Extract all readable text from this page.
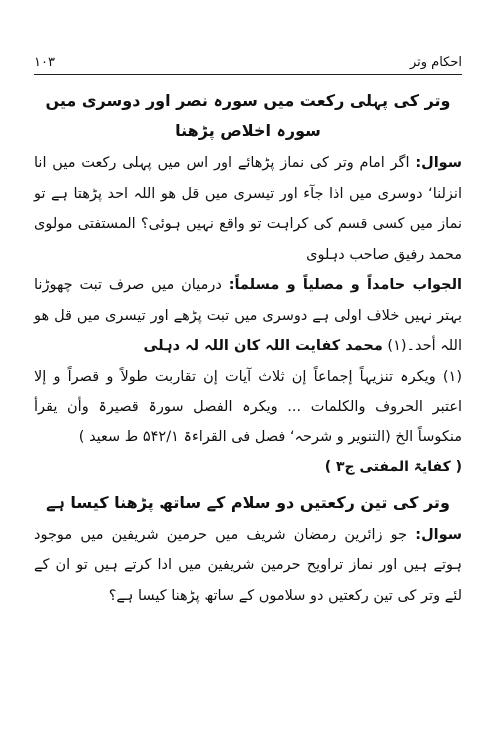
۱۰۳	احکام وتر
وتر کی پہلی رکعت میں سورہ نصر اور دوسری میں سورہ اخلاص پڑھنا

سوال: اگر امام وتر کی نماز پڑھائے اور اس میں پہلی رکعت میں انا انزلنا‘ دوسری میں اذا جآء اور تیسری میں قل ھو اللہ احد پڑھتا ہے تو نماز میں کسی قسم کی کراہت تو واقع نہیں ہوئی؟ المستفتی مولوی محمد رفیق صاحب دہلوی

الجواب حامداً و مصلیاً و مسلماً: درمیان میں صرف تبت چھوڑنا بہتر نہیں خلاف اولی ہے دوسری میں تبت پڑھے اور تیسری میں قل ھو اللہ أحد۔(۱) محمد کفایت اللہ کان اللہ لہ دہلی

(۱) ویکرہ تنزیہاً إجماعاً إن ثلاث آیات إن تقاربت طولاً و قصراً و إلا اعتبر الحروف والکلمات ... ویکرہ الفصل سورۃ قصیرۃ وأن یقرأ منکوساً الخ (التنویر و شرحہ‘ فصل فی القراءۃ ۵۴۲/۱ ط سعید )

( کفایۃ المفتی ج۳ )

وتر کی تین رکعتیں دو سلام کے ساتھ پڑھنا کیسا ہے

سوال: جو زائرین رمضان شریف میں حرمین شریفین میں موجود ہوتے ہیں اور نماز تراویح حرمین شریفین میں ادا کرتے ہیں تو ان کے لئے وتر کی تین رکعتیں دو سلاموں کے ساتھ پڑھنا کیسا ہے؟
